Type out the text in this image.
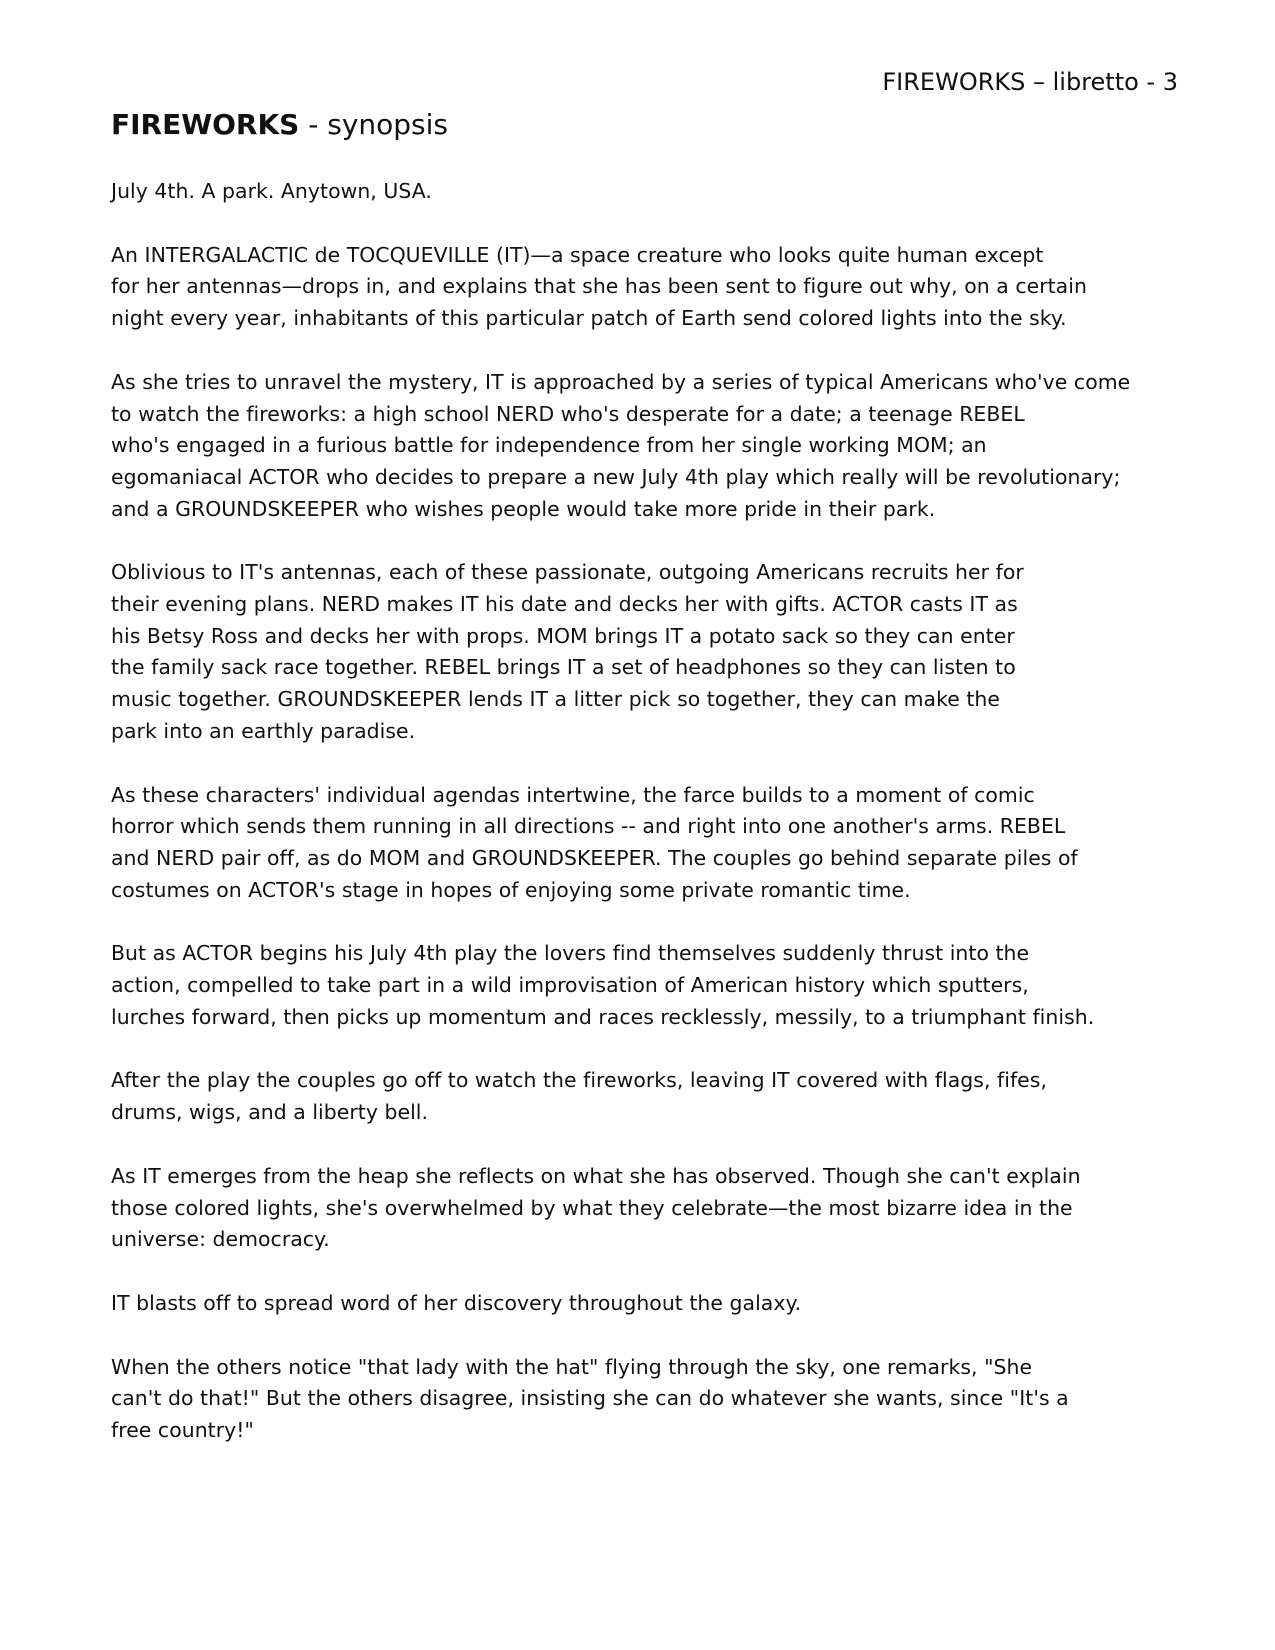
FIREWORKS – libretto - 3
FIREWORKS - synopsis

July 4th. A park. Anytown, USA.

An INTERGALACTIC de TOCQUEVILLE (IT)—a space creature who looks quite human except
for her antennas—drops in, and explains that she has been sent to figure out why, on a certain
night every year, inhabitants of this particular patch of Earth send colored lights into the sky.

As she tries to unravel the mystery, IT is approached by a series of typical Americans who've come
to watch the fireworks: a high school NERD who's desperate for a date; a teenage REBEL
who's engaged in a furious battle for independence from her single working MOM; an
egomaniacal ACTOR who decides to prepare a new July 4th play which really will be revolutionary;
and a GROUNDSKEEPER who wishes people would take more pride in their park.

Oblivious to IT's antennas, each of these passionate, outgoing Americans recruits her for
their evening plans. NERD makes IT his date and decks her with gifts. ACTOR casts IT as
his Betsy Ross and decks her with props. MOM brings IT a potato sack so they can enter
the family sack race together. REBEL brings IT a set of headphones so they can listen to
music together. GROUNDSKEEPER lends IT a litter pick so together, they can make the
park into an earthly paradise.

As these characters' individual agendas intertwine, the farce builds to a moment of comic
horror which sends them running in all directions -- and right into one another's arms. REBEL
and NERD pair off, as do MOM and GROUNDSKEEPER. The couples go behind separate piles of
costumes on ACTOR's stage in hopes of enjoying some private romantic time.

But as ACTOR begins his July 4th play the lovers find themselves suddenly thrust into the
action, compelled to take part in a wild improvisation of American history which sputters,
lurches forward, then picks up momentum and races recklessly, messily, to a triumphant finish.

After the play the couples go off to watch the fireworks, leaving IT covered with flags, fifes,
drums, wigs, and a liberty bell.

As IT emerges from the heap she reflects on what she has observed. Though she can't explain
those colored lights, she's overwhelmed by what they celebrate—the most bizarre idea in the
universe: democracy.

IT blasts off to spread word of her discovery throughout the galaxy.

When the others notice "that lady with the hat" flying through the sky, one remarks, "She
can't do that!" But the others disagree, insisting she can do whatever she wants, since "It's a
free country!"
